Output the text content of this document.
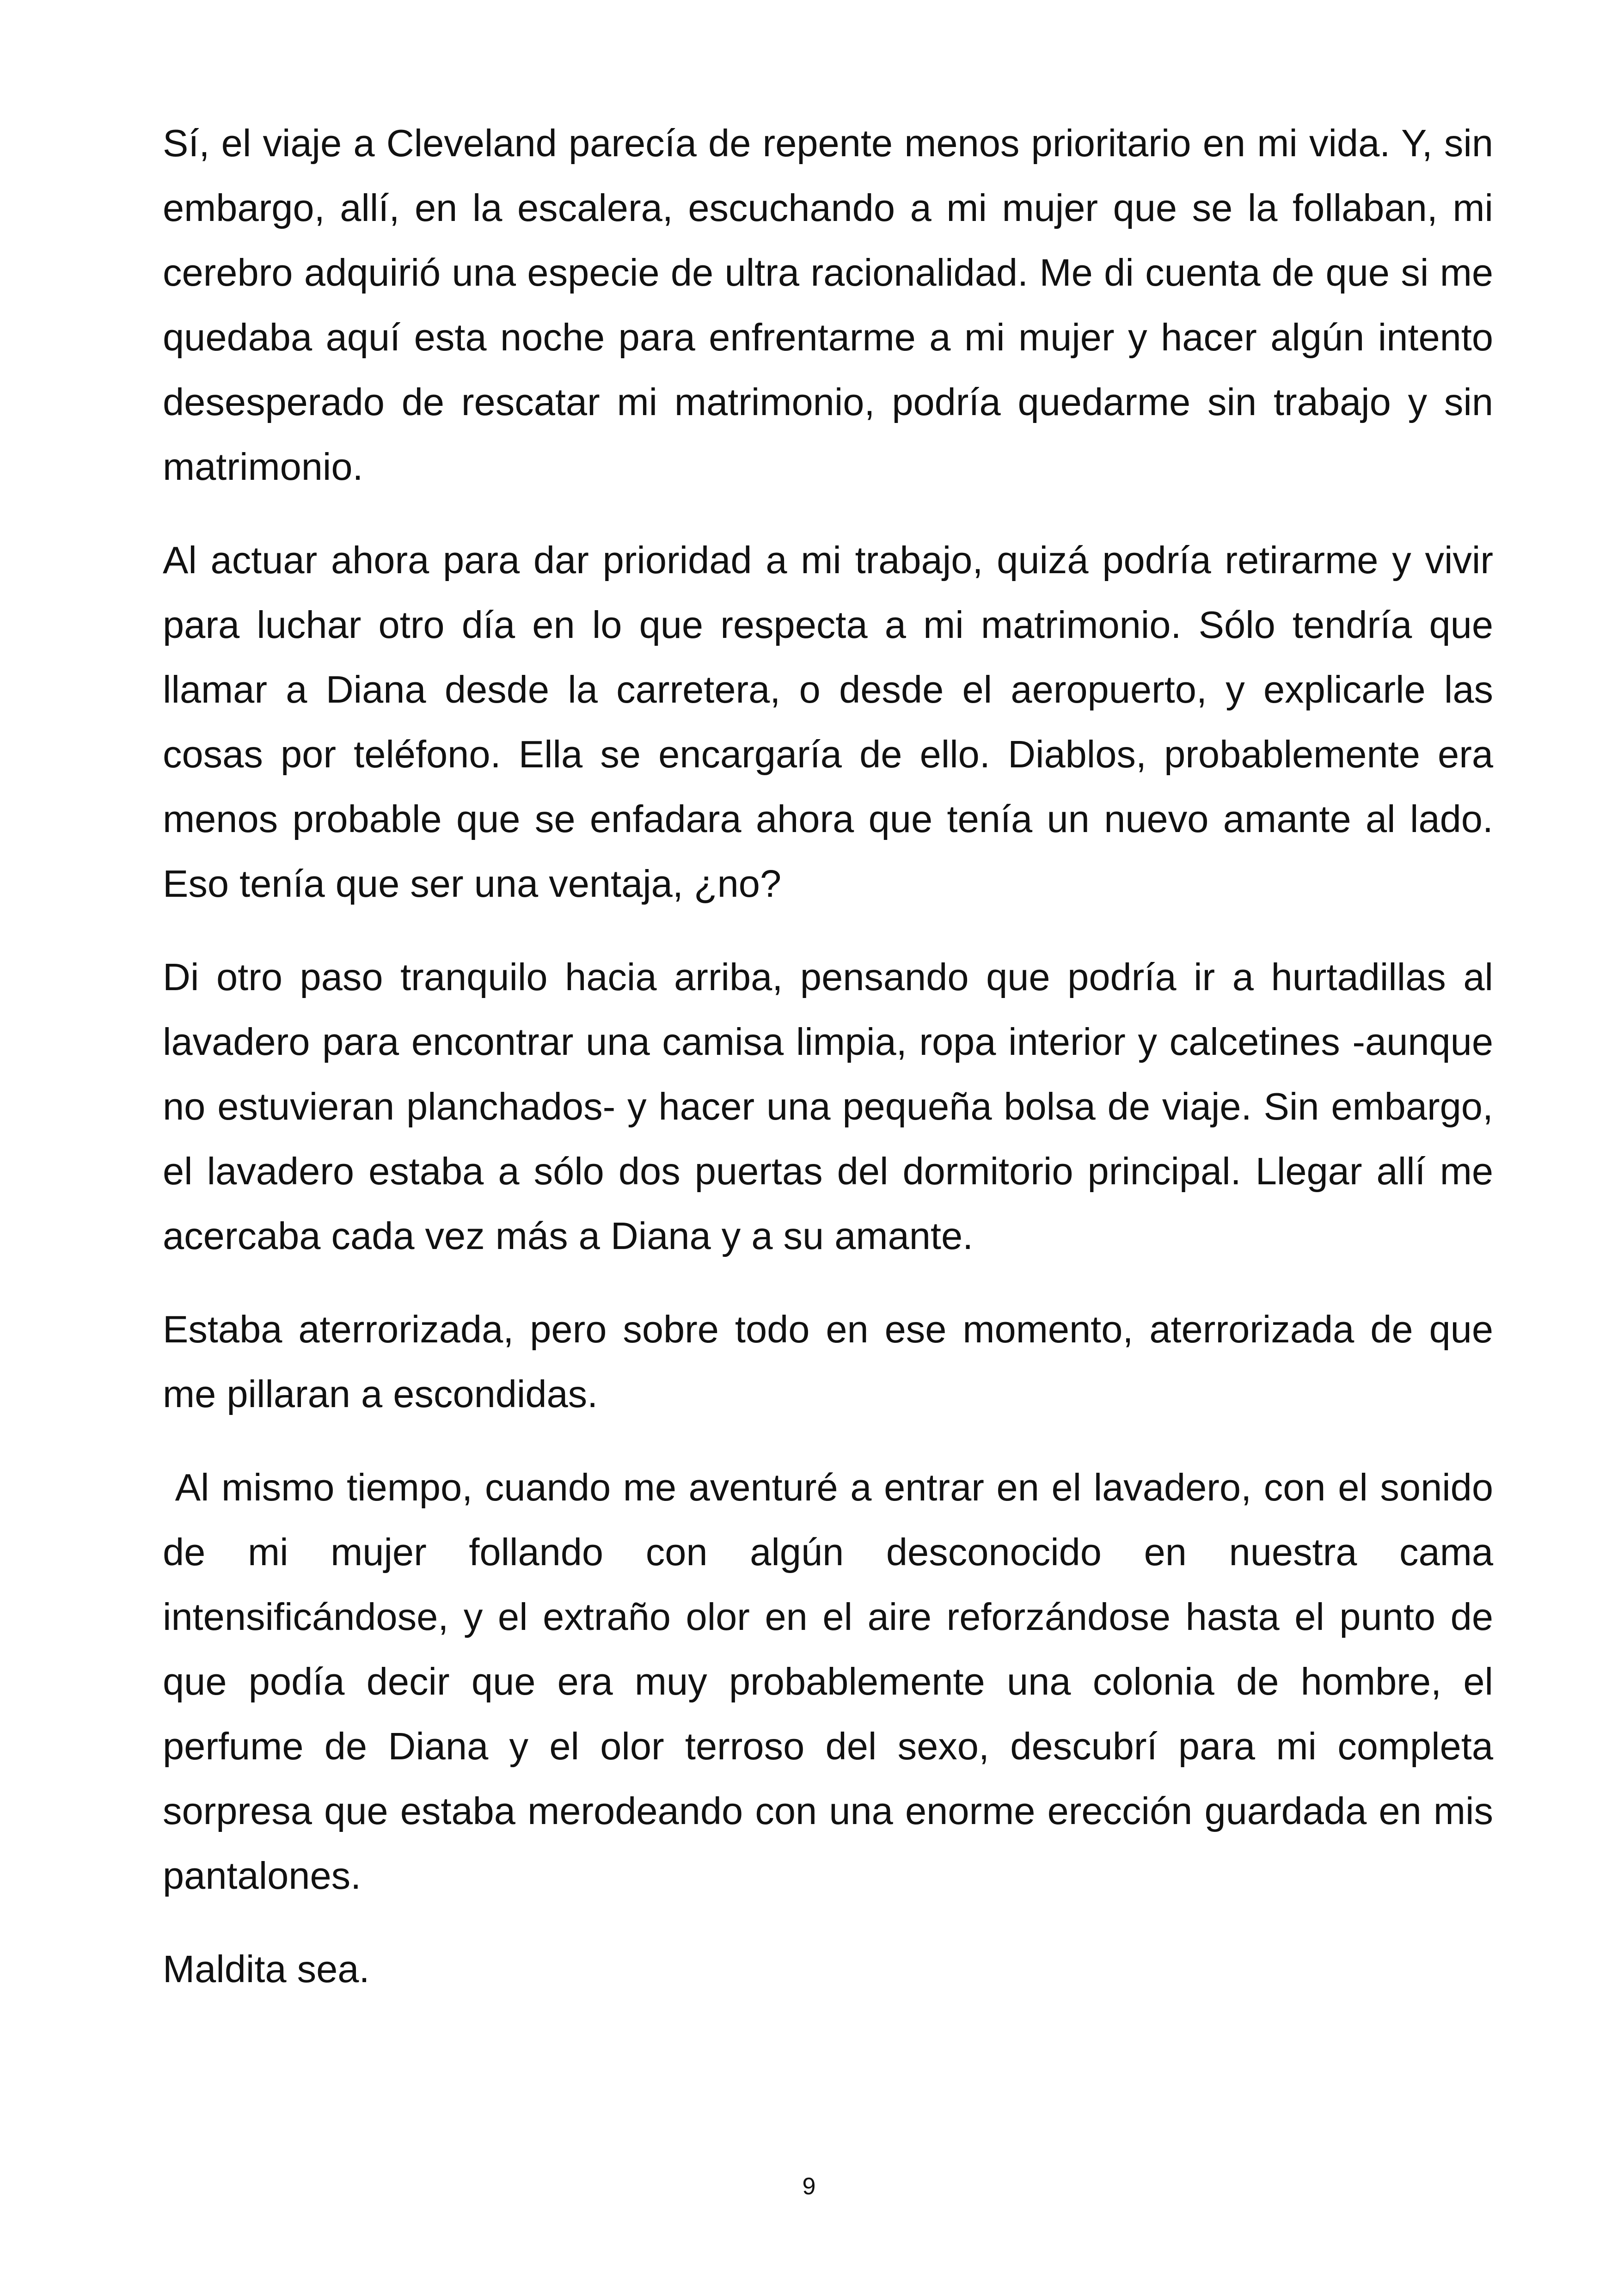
Sí, el viaje a Cleveland parecía de repente menos prioritario en mi vida. Y, sin embargo, allí, en la escalera, escuchando a mi mujer que se la follaban, mi cerebro adquirió una especie de ultra racionalidad. Me di cuenta de que si me quedaba aquí esta noche para enfrentarme a mi mujer y hacer algún intento desesperado de rescatar mi matrimonio, podría quedarme sin trabajo y sin matrimonio.

Al actuar ahora para dar prioridad a mi trabajo, quizá podría retirarme y vivir para luchar otro día en lo que respecta a mi matrimonio. Sólo tendría que llamar a Diana desde la carretera, o desde el aeropuerto, y explicarle las cosas por teléfono. Ella se encargaría de ello. Diablos, probablemente era menos probable que se enfadara ahora que tenía un nuevo amante al lado. Eso tenía que ser una ventaja, ¿no?

Di otro paso tranquilo hacia arriba, pensando que podría ir a hurtadillas al lavadero para encontrar una camisa limpia, ropa interior y calcetines -aunque no estuvieran planchados- y hacer una pequeña bolsa de viaje. Sin embargo, el lavadero estaba a sólo dos puertas del dormitorio principal. Llegar allí me acercaba cada vez más a Diana y a su amante.

Estaba aterrorizada, pero sobre todo en ese momento, aterrorizada de que me pillaran a escondidas.

Al mismo tiempo, cuando me aventuré a entrar en el lavadero, con el sonido de mi mujer follando con algún desconocido en nuestra cama intensificándose, y el extraño olor en el aire reforzándose hasta el punto de que podía decir que era muy probablemente una colonia de hombre, el perfume de Diana y el olor terroso del sexo, descubrí para mi completa sorpresa que estaba merodeando con una enorme erección guardada en mis pantalones.

Maldita sea.

9
